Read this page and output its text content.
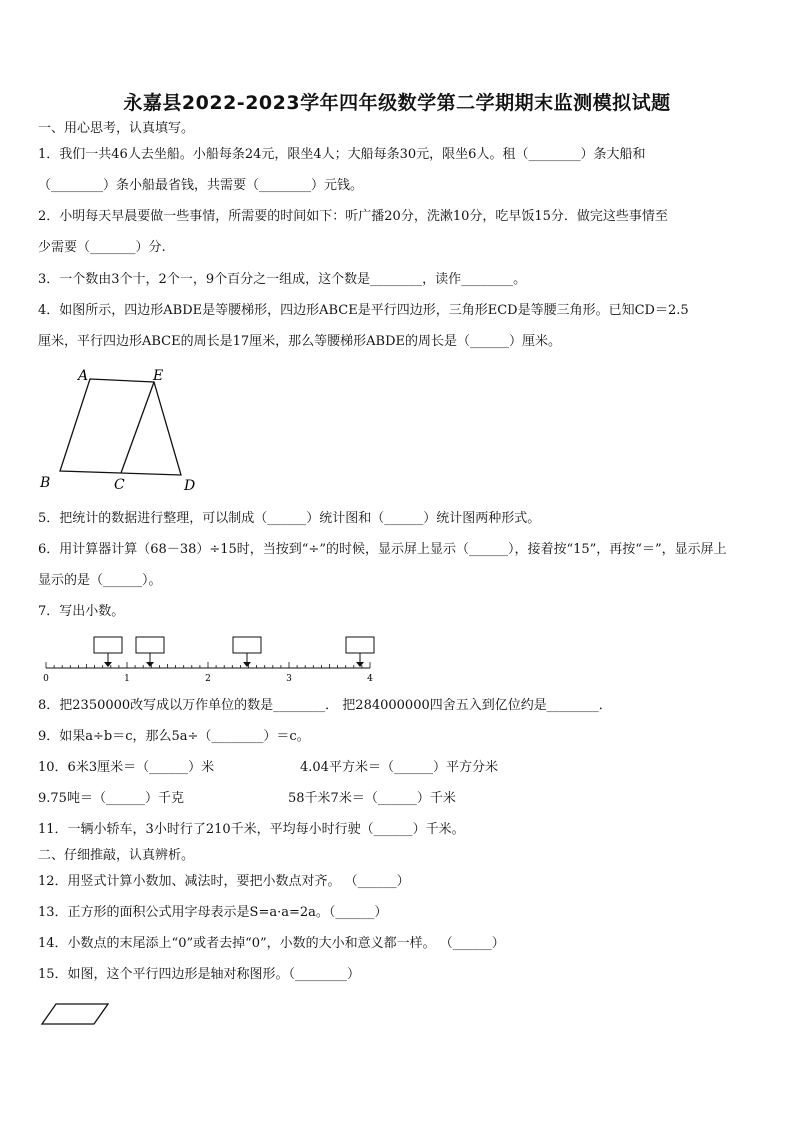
永嘉县2022-2023学年四年级数学第二学期期末监测模拟试题
一、用心思考，认真填写。
1．我们一共46人去坐船。小船每条24元，限坐4人；大船每条30元，限坐6人。租（________）条大船和
（________）条小船最省钱，共需要（________）元钱。
2．小明每天早晨要做一些事情，所需要的时间如下：听广播20分，洗漱10分，吃早饭15分．做完这些事情至
少需要（_______）分.
3．一个数由3个十，2个一，9个百分之一组成，这个数是________，读作________。
4．如图所示，四边形ABDE是等腰梯形，四边形ABCE是平行四边形，三角形ECD是等腰三角形。已知CD＝2.5
厘米，平行四边形ABCE的周长是17厘米，那么等腰梯形ABDE的周长是（______）厘米。
A	E
B	C	D
5．把统计的数据进行整理，可以制成（______）统计图和（______）统计图两种形式。
6．用计算器计算（68－38）÷15时，当按到“÷”的时候，显示屏上显示（______），接着按“15”，再按“＝”，显示屏上
显示的是（______）。
7．写出小数。
0	1	2	3	4
8．把2350000改写成以万作单位的数是________． 把284000000四舍五入到亿位约是________．
9．如果a÷b＝c，那么5a÷（________）＝c。
10．6米3厘米＝（______）米	4.04平方米＝（______）平方分米
9.75吨＝（______）千克	58千米7米＝（______）千米
11．一辆小轿车，3小时行了210千米，平均每小时行驶（______）千米。
二、仔细推敲，认真辨析。
12．用竖式计算小数加、减法时，要把小数点对齐。 （______）
13．正方形的面积公式用字母表示是S=a·a=2a。（______）
14．小数点的末尾添上“0”或者去掉“0”，小数的大小和意义都一样。 （______）
15．如图，这个平行四边形是轴对称图形。（________）
